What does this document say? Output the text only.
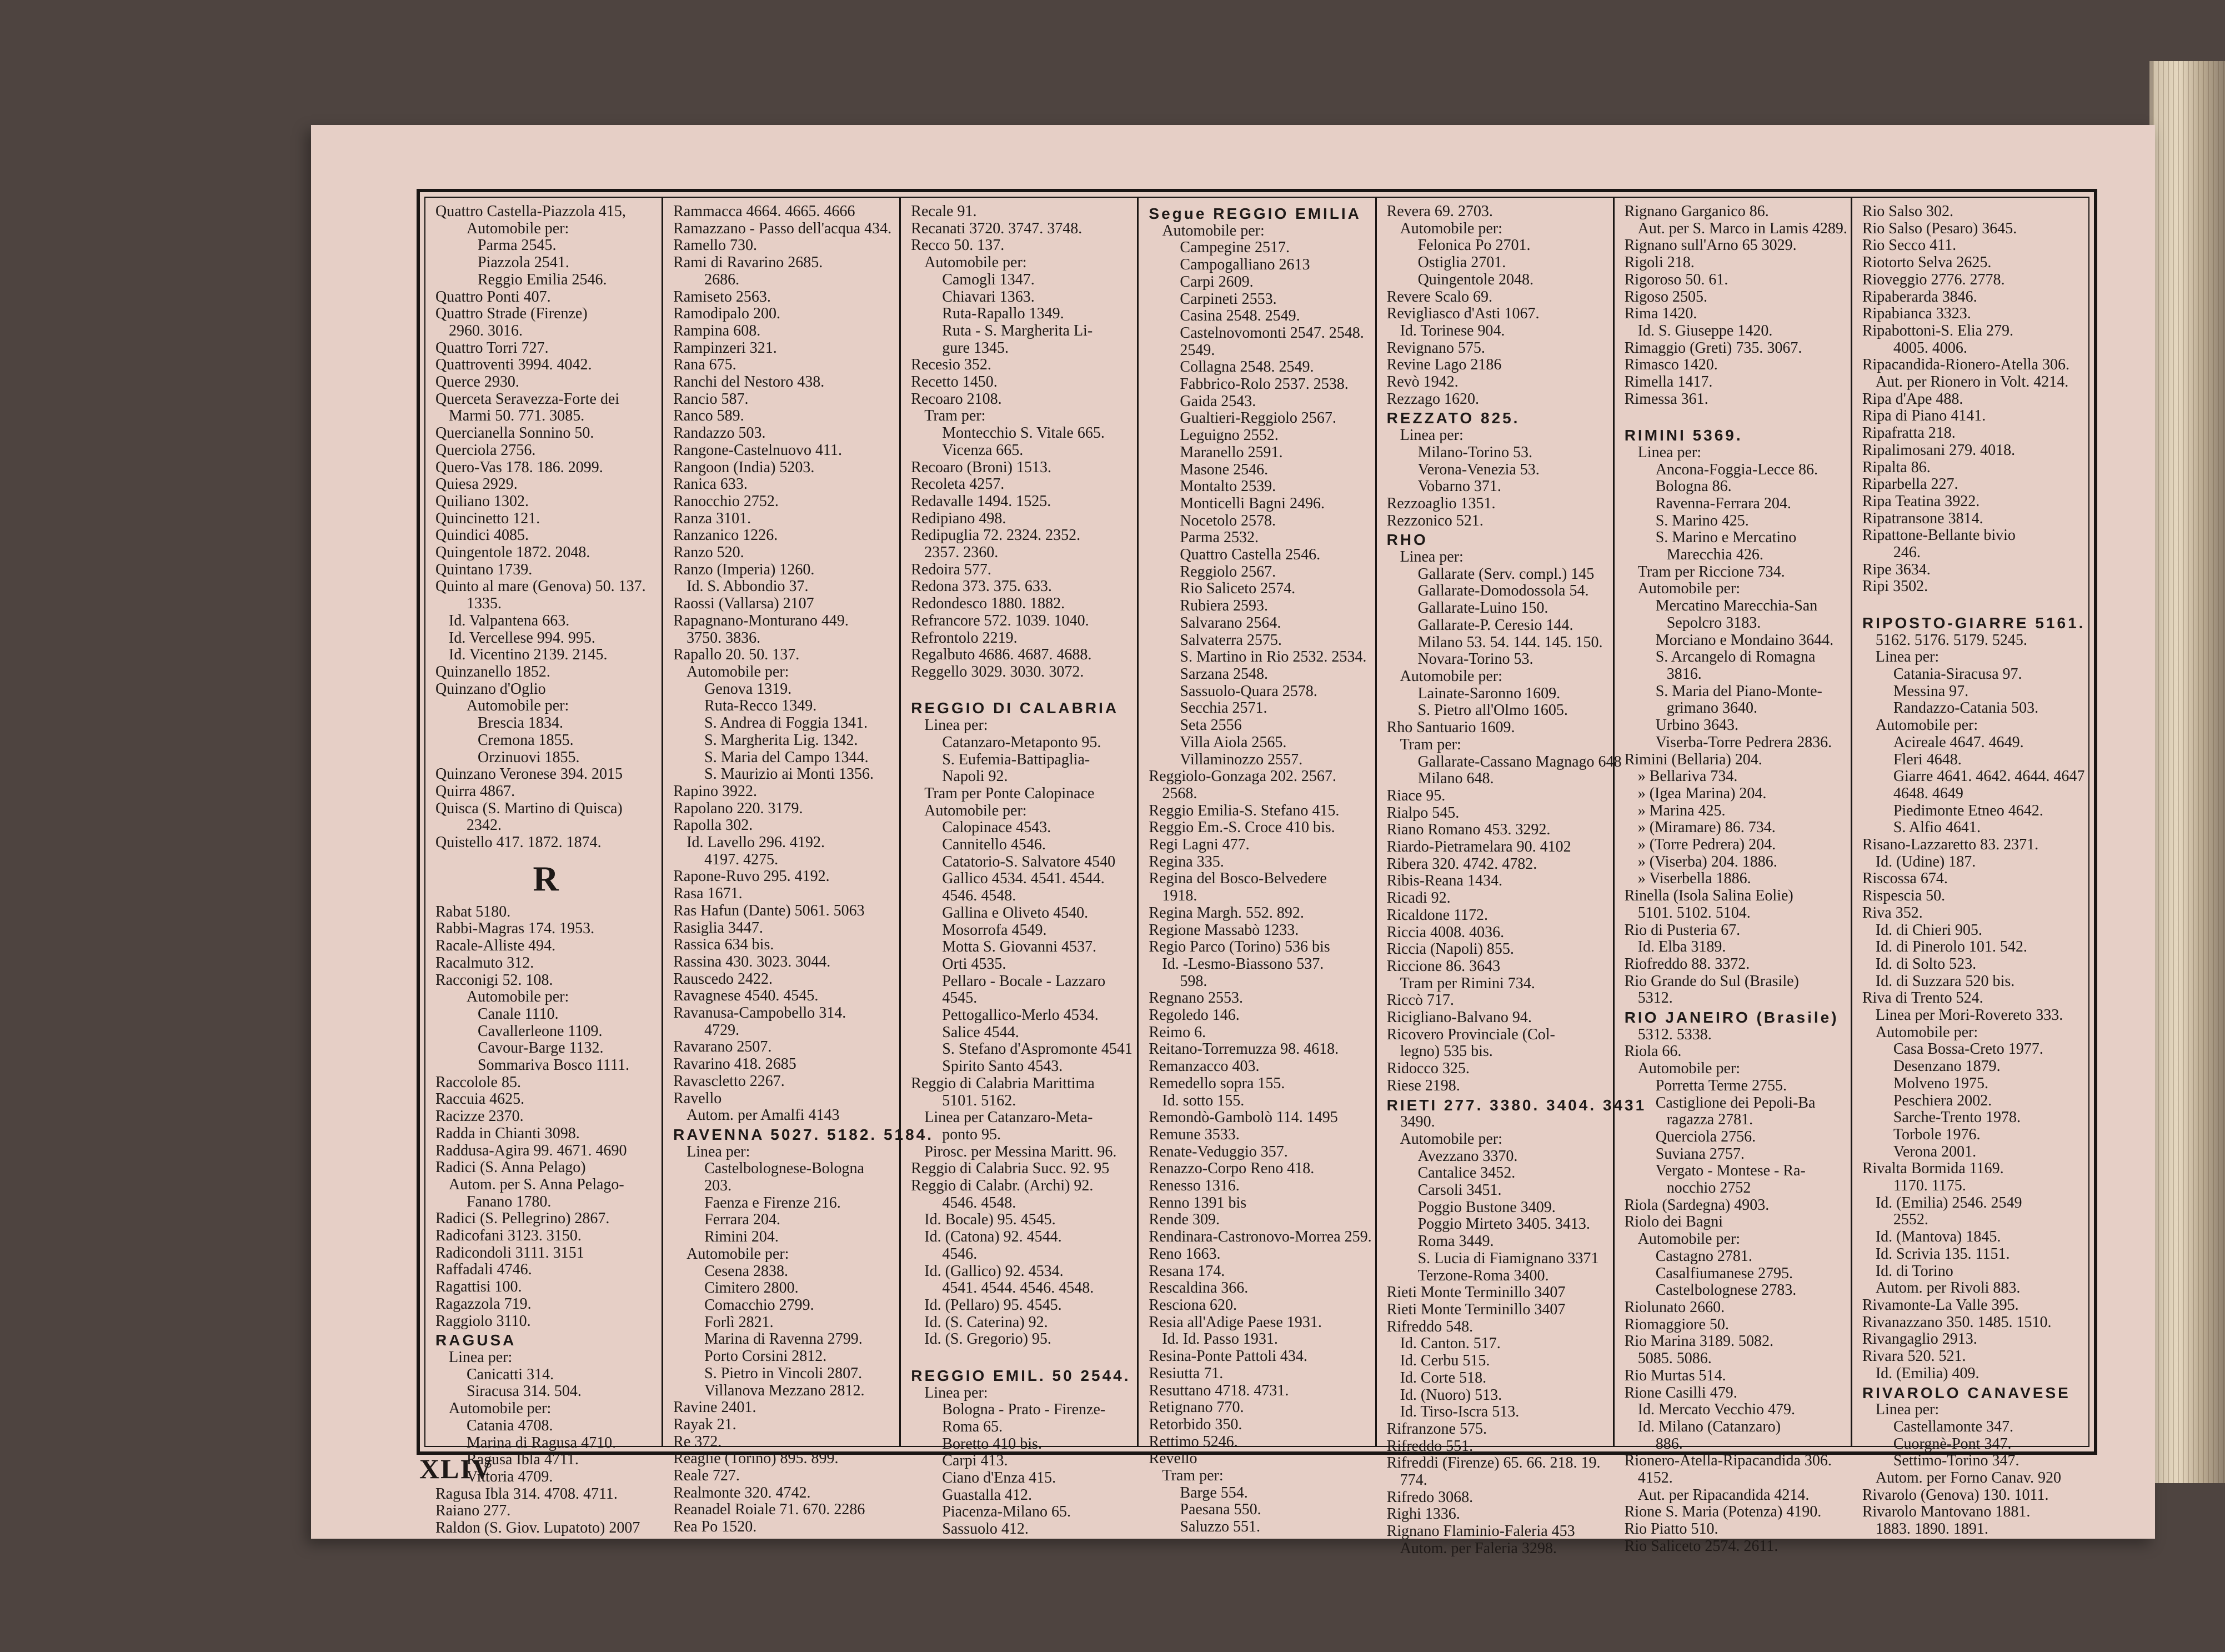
Quattro Castella-Piazzola 415,
Automobile per:
Parma 2545.
Piazzola 2541.
Reggio Emilia 2546.
Quattro Ponti 407.
Quattro Strade (Firenze)
2960. 3016.
Quattro Torri 727.
Quattroventi 3994. 4042.
Querce 2930.
Querceta Seravezza-Forte dei
Marmi 50. 771. 3085.
Quercianella Sonnino 50.
Querciola 2756.
Quero-Vas 178. 186. 2099.
Quiesa 2929.
Quiliano 1302.
Quincinetto 121.
Quindici 4085.
Quingentole 1872. 2048.
Quintano 1739.
Quinto al mare (Genova) 50. 137.
1335.
Id. Valpantena 663.
Id. Vercellese 994. 995.
Id. Vicentino 2139. 2145.
Quinzanello 1852.
Quinzano d'Oglio
Automobile per:
Brescia 1834.
Cremona 1855.
Orzinuovi 1855.
Quinzano Veronese 394. 2015
Quirra 4867.
Quisca (S. Martino di Quisca)
2342.
Quistello 417. 1872. 1874.
R
Rabat 5180.
Rabbi-Magras 174. 1953.
Racale-Alliste 494.
Racalmuto 312.
Racconigi 52. 108.
Automobile per:
Canale 1110.
Cavallerleone 1109.
Cavour-Barge 1132.
Sommariva Bosco 1111.
Raccolole 85.
Raccuia 4625.
Racizze 2370.
Radda in Chianti 3098.
Raddusa-Agira 99. 4671. 4690
Radici (S. Anna Pelago)
Autom. per S. Anna Pelago-
Fanano 1780.
Radici (S. Pellegrino) 2867.
Radicofani 3123. 3150.
Radicondoli 3111. 3151
Raffadali 4746.
Ragattisi 100.
Ragazzola 719.
Raggiolo 3110.
RAGUSA
Linea per:
Canicatti 314.
Siracusa 314. 504.
Automobile per:
Catania 4708.
Marina di Ragusa 4710.
Ragusa Ibla 4711.
Vittoria 4709.
Ragusa Ibla 314. 4708. 4711.
Raiano 277.
Raldon (S. Giov. Lupatoto) 2007
Rammacca 4664. 4665. 4666
Ramazzano - Passo dell'acqua 434.
Ramello 730.
Rami di Ravarino 2685.
2686.
Ramiseto 2563.
Ramodipalo 200.
Rampina 608.
Rampinzeri 321.
Rana 675.
Ranchi del Nestoro 438.
Rancio 587.
Ranco 589.
Randazzo 503.
Rangone-Castelnuovo 411.
Rangoon (India) 5203.
Ranica 633.
Ranocchio 2752.
Ranza 3101.
Ranzanico 1226.
Ranzo 520.
Ranzo (Imperia) 1260.
Id. S. Abbondio 37.
Raossi (Vallarsa) 2107
Rapagnano-Monturano 449.
3750. 3836.
Rapallo 20. 50. 137.
Automobile per:
Genova 1319.
Ruta-Recco 1349.
S. Andrea di Foggia 1341.
S. Margherita Lig. 1342.
S. Maria del Campo 1344.
S. Maurizio ai Monti 1356.
Rapino 3922.
Rapolano 220. 3179.
Rapolla 302.
Id. Lavello 296. 4192.
4197. 4275.
Rapone-Ruvo 295. 4192.
Rasa 1671.
Ras Hafun (Dante) 5061. 5063
Rasiglia 3447.
Rassica 634 bis.
Rassina 430. 3023. 3044.
Rauscedo 2422.
Ravagnese 4540. 4545.
Ravanusa-Campobello 314.
4729.
Ravarano 2507.
Ravarino 418. 2685
Ravascletto 2267.
Ravello
Autom. per Amalfi 4143
RAVENNA 5027. 5182. 5184.
Linea per:
Castelbolognese-Bologna
203.
Faenza e Firenze 216.
Ferrara 204.
Rimini 204.
Automobile per:
Cesena 2838.
Cimitero 2800.
Comacchio 2799.
Forlì 2821.
Marina di Ravenna 2799.
Porto Corsini 2812.
S. Pietro in Vincoli 2807.
Villanova Mezzano 2812.
Ravine 2401.
Rayak 21.
Re 372.
Reaglie (Torino) 895. 899.
Reale 727.
Realmonte 320. 4742.
Reanadel Roiale 71. 670. 2286
Rea Po 1520.
Recale 91.
Recanati 3720. 3747. 3748.
Recco 50. 137.
Automobile per:
Camogli 1347.
Chiavari 1363.
Ruta-Rapallo 1349.
Ruta - S. Margherita Li-
gure 1345.
Recesio 352.
Recetto 1450.
Recoaro 2108.
Tram per:
Montecchio S. Vitale 665.
Vicenza 665.
Recoaro (Broni) 1513.
Recoleta 4257.
Redavalle 1494. 1525.
Redipiano 498.
Redipuglia 72. 2324. 2352.
2357. 2360.
Redoira 577.
Redona 373. 375. 633.
Redondesco 1880. 1882.
Refrancore 572. 1039. 1040.
Refrontolo 2219.
Regalbuto 4686. 4687. 4688.
Reggello 3029. 3030. 3072.

REGGIO DI CALABRIA
Linea per:
Catanzaro-Metaponto 95.
S. Eufemia-Battipaglia-
Napoli 92.
Tram per Ponte Calopinace
Automobile per:
Calopinace 4543.
Cannitello 4546.
Catatorio-S. Salvatore 4540
Gallico 4534. 4541. 4544.
4546. 4548.
Gallina e Oliveto 4540.
Mosorrofa 4549.
Motta S. Giovanni 4537.
Orti 4535.
Pellaro - Bocale - Lazzaro
4545.
Pettogallico-Merlo 4534.
Salice 4544.
S. Stefano d'Aspromonte 4541
Spirito Santo 4543.
Reggio di Calabria Marittima
5101. 5162.
Linea per Catanzaro-Meta-
ponto 95.
Pirosc. per Messina Maritt. 96.
Reggio di Calabria Succ. 92. 95
Reggio di Calabr. (Archi) 92.
4546. 4548.
Id. Bocale) 95. 4545.
Id. (Catona) 92. 4544.
4546.
Id. (Gallico) 92. 4534.
4541. 4544. 4546. 4548.
Id. (Pellaro) 95. 4545.
Id. (S. Caterina) 92.
Id. (S. Gregorio) 95.

REGGIO EMIL. 50 2544.
Linea per:
Bologna - Prato - Firenze-
Roma 65.
Boretto 410 bis.
Carpi 413.
Ciano d'Enza 415.
Guastalla 412.
Piacenza-Milano 65.
Sassuolo 412.
Segue REGGIO EMILIA
Automobile per:
Campegine 2517.
Campogalliano 2613
Carpi 2609.
Carpineti 2553.
Casina 2548. 2549.
Castelnovomonti 2547. 2548.
2549.
Collagna 2548. 2549.
Fabbrico-Rolo 2537. 2538.
Gaida 2543.
Gualtieri-Reggiolo 2567.
Leguigno 2552.
Maranello 2591.
Masone 2546.
Montalto 2539.
Monticelli Bagni 2496.
Nocetolo 2578.
Parma 2532.
Quattro Castella 2546.
Reggiolo 2567.
Rio Saliceto 2574.
Rubiera 2593.
Salvarano 2564.
Salvaterra 2575.
S. Martino in Rio 2532. 2534.
Sarzana 2548.
Sassuolo-Quara 2578.
Secchia 2571.
Seta 2556
Villa Aiola 2565.
Villaminozzo 2557.
Reggiolo-Gonzaga 202. 2567.
2568.
Reggio Emilia-S. Stefano 415.
Reggio Em.-S. Croce 410 bis.
Regi Lagni 477.
Regina 335.
Regina del Bosco-Belvedere
1918.
Regina Margh. 552. 892.
Regione Massabò 1233.
Regio Parco (Torino) 536 bis
Id. -Lesmo-Biassono 537.
598.
Regnano 2553.
Regoledo 146.
Reimo 6.
Reitano-Torremuzza 98. 4618.
Remanzacco 403.
Remedello sopra 155.
Id. sotto 155.
Remondò-Gambolò 114. 1495
Remune 3533.
Renate-Veduggio 357.
Renazzo-Corpo Reno 418.
Renesso 1316.
Renno 1391 bis
Rende 309.
Rendinara-Castronovo-Morrea 259.
Reno 1663.
Resana 174.
Rescaldina 366.
Resciona 620.
Resia all'Adige Paese 1931.
Id. Id. Passo 1931.
Resina-Ponte Pattoli 434.
Resiutta 71.
Resuttano 4718. 4731.
Retignano 770.
Retorbido 350.
Rettimo 5246.
Revello
Tram per:
Barge 554.
Paesana 550.
Saluzzo 551.
Revera 69. 2703.
Automobile per:
Felonica Po 2701.
Ostiglia 2701.
Quingentole 2048.
Revere Scalo 69.
Revigliasco d'Asti 1067.
Id. Torinese 904.
Revignano 575.
Revine Lago 2186
Revò 1942.
Rezzago 1620.
REZZATO 825.
Linea per:
Milano-Torino 53.
Verona-Venezia 53.
Vobarno 371.
Rezzoaglio 1351.
Rezzonico 521.
RHO
Linea per:
Gallarate (Serv. compl.) 145
Gallarate-Domodossola 54.
Gallarate-Luino 150.
Gallarate-P. Ceresio 144.
Milano 53. 54. 144. 145. 150.
Novara-Torino 53.
Automobile per:
Lainate-Saronno 1609.
S. Pietro all'Olmo 1605.
Rho Santuario 1609.
Tram per:
Gallarate-Cassano Magnago 648
Milano 648.
Riace 95.
Rialpo 545.
Riano Romano 453. 3292.
Riardo-Pietramelara 90. 4102
Ribera 320. 4742. 4782.
Ribis-Reana 1434.
Ricadi 92.
Ricaldone 1172.
Riccia 4008. 4036.
Riccia (Napoli) 855.
Riccione 86. 3643
Tram per Rimini 734.
Riccò 717.
Ricigliano-Balvano 94.
Ricovero Provinciale (Col-
legno) 535 bis.
Ridocco 325.
Riese 2198.
RIETI 277. 3380. 3404. 3431
3490.
Automobile per:
Avezzano 3370.
Cantalice 3452.
Carsoli 3451.
Poggio Bustone 3409.
Poggio Mirteto 3405. 3413.
Roma 3449.
S. Lucia di Fiamignano 3371
Terzone-Roma 3400.
Rieti Monte Terminillo 3407
Rieti Monte Terminillo 3407
Rifreddo 548.
Id. Canton. 517.
Id. Cerbu 515.
Id. Corte 518.
Id. (Nuoro) 513.
Id. Tirso-Iscra 513.
Rifranzone 575.
Rifreddo 551.
Rifreddi (Firenze) 65. 66. 218. 19.
774.
Rifredo 3068.
Righi 1336.
Rignano Flaminio-Faleria 453
Autom. per Faleria 3298.
Rignano Garganico 86.
Aut. per S. Marco in Lamis 4289.
Rignano sull'Arno 65 3029.
Rigoli 218.
Rigoroso 50. 61.
Rigoso 2505.
Rima 1420.
Id. S. Giuseppe 1420.
Rimaggio (Greti) 735. 3067.
Rimasco 1420.
Rimella 1417.
Rimessa 361.

RIMINI 5369.
Linea per:
Ancona-Foggia-Lecce 86.
Bologna 86.
Ravenna-Ferrara 204.
S. Marino 425.
S. Marino e Mercatino
Marecchia 426.
Tram per Riccione 734.
Automobile per:
Mercatino Marecchia-San
Sepolcro 3183.
Morciano e Mondaino 3644.
S. Arcangelo di Romagna
3816.
S. Maria del Piano-Monte-
grimano 3640.
Urbino 3643.
Viserba-Torre Pedrera 2836.
Rimini (Bellaria) 204.
» Bellariva 734.
» (Igea Marina) 204.
» Marina 425.
» (Miramare) 86. 734.
» (Torre Pedrera) 204.
» (Viserba) 204. 1886.
» Viserbella 1886.
Rinella (Isola Salina Eolie)
5101. 5102. 5104.
Rio di Pusteria 67.
Id. Elba 3189.
Riofreddo 88. 3372.
Rio Grande do Sul (Brasile)
5312.
RIO JANEIRO (Brasile)
5312. 5338.
Riola 66.
Automobile per:
Porretta Terme 2755.
Castiglione dei Pepoli-Ba
ragazza 2781.
Querciola 2756.
Suviana 2757.
Vergato - Montese - Ra-
nocchio 2752
Riola (Sardegna) 4903.
Riolo dei Bagni
Automobile per:
Castagno 2781.
Casalfiumanese 2795.
Castelbolognese 2783.
Riolunato 2660.
Riomaggiore 50.
Rio Marina 3189. 5082.
5085. 5086.
Rio Murtas 514.
Rione Casilli 479.
Id. Mercato Vecchio 479.
Id. Milano (Catanzaro)
886.
Rionero-Atella-Ripacandida 306.
4152.
Aut. per Ripacandida 4214.
Rione S. Maria (Potenza) 4190.
Rio Piatto 510.
Rio Saliceto 2574. 2611.
Rio Salso 302.
Rio Salso (Pesaro) 3645.
Rio Secco 411.
Riotorto Selva 2625.
Rioveggio 2776. 2778.
Ripaberarda 3846.
Ripabianca 3323.
Ripabottoni-S. Elia 279.
4005. 4006.
Ripacandida-Rionero-Atella 306.
Aut. per Rionero in Volt. 4214.
Ripa d'Ape 488.
Ripa di Piano 4141.
Ripafratta 218.
Ripalimosani 279. 4018.
Ripalta 86.
Riparbella 227.
Ripa Teatina 3922.
Ripatransone 3814.
Ripattone-Bellante bivio
246.
Ripe 3634.
Ripi 3502.

RIPOSTO-GIARRE 5161.
5162. 5176. 5179. 5245.
Linea per:
Catania-Siracusa 97.
Messina 97.
Randazzo-Catania 503.
Automobile per:
Acireale 4647. 4649.
Fleri 4648.
Giarre 4641. 4642. 4644. 4647
4648. 4649
Piedimonte Etneo 4642.
S. Alfio 4641.
Risano-Lazzaretto 83. 2371.
Id. (Udine) 187.
Riscossa 674.
Rispescia 50.
Riva 352.
Id. di Chieri 905.
Id. di Pinerolo 101. 542.
Id. di Solto 523.
Id. di Suzzara 520 bis.
Riva di Trento 524.
Linea per Mori-Rovereto 333.
Automobile per:
Casa Bossa-Creto 1977.
Desenzano 1879.
Molveno 1975.
Peschiera 2002.
Sarche-Trento 1978.
Torbole 1976.
Verona 2001.
Rivalta Bormida 1169.
1170. 1175.
Id. (Emilia) 2546. 2549
2552.
Id. (Mantova) 1845.
Id. Scrivia 135. 1151.
Id. di Torino
Autom. per Rivoli 883.
Rivamonte-La Valle 395.
Rivanazzano 350. 1485. 1510.
Rivangaglio 2913.
Rivara 520. 521.
Id. (Emilia) 409.
RIVAROLO CANAVESE
Linea per:
Castellamonte 347.
Cuorgnè-Pont 347.
Settimo-Torino 347.
Autom. per Forno Canav. 920
Rivarolo (Genova) 130. 1011.
Rivarolo Mantovano 1881.
1883. 1890. 1891.
XLIV
